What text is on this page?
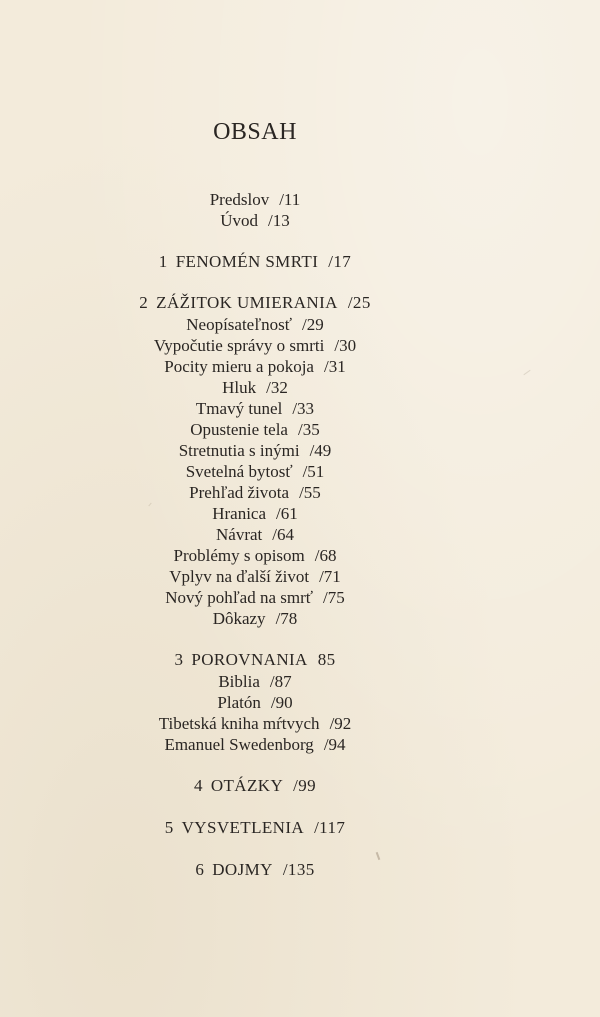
OBSAH
Predslov /11
Úvod /13
1 FENOMÉN SMRTI /17
2 ZÁŽITOK UMIERANIA /25
Neopísateľnosť /29
Vypočutie správy o smrti /30
Pocity mieru a pokoja /31
Hluk /32
Tmavý tunel /33
Opustenie tela /35
Stretnutia s inými /49
Svetelná bytosť /51
Prehľad života /55
Hranica /61
Návrat /64
Problémy s opisom /68
Vplyv na ďalší život /71
Nový pohľad na smrť /75
Dôkazy /78
3 POROVNANIA 85
Biblia /87
Platón /90
Tibetská kniha mŕtvych /92
Emanuel Swedenborg /94
4 OTÁZKY /99
5 VYSVETLENIA /117
6 DOJMY /135
